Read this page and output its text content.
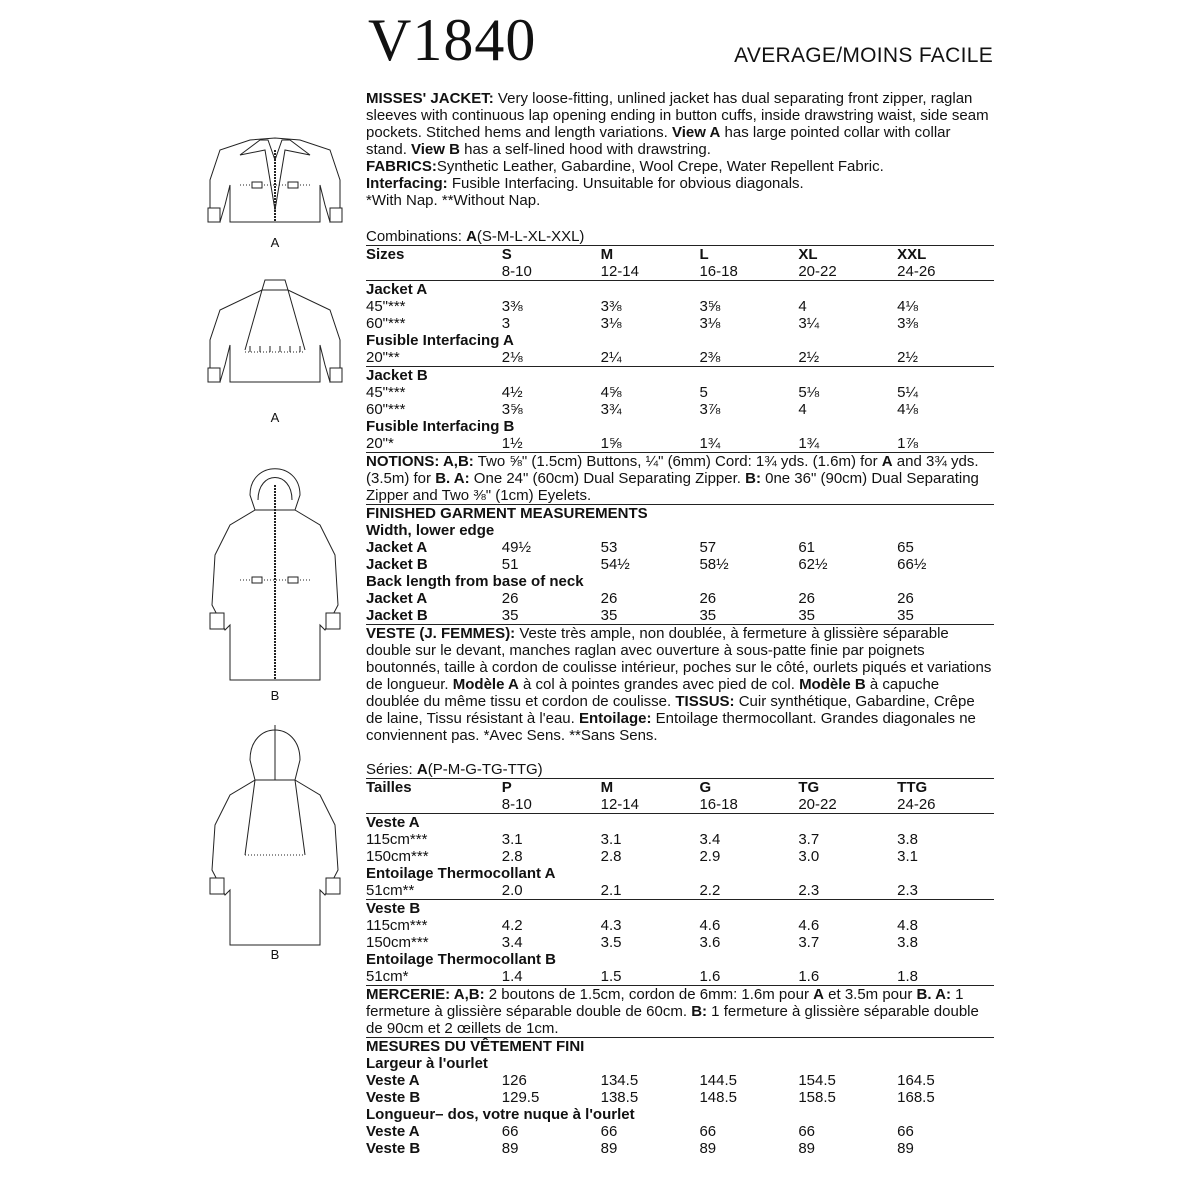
V1840	AVERAGE/MOINS FACILE
A
A
B
B

MISSES' JACKET: Very loose-fitting, unlined jacket has dual separating front zipper, raglan sleeves with continuous lap opening ending in button cuffs, inside drawstring waist, side seam pockets. Stitched hems and length variations. View A has large pointed collar with collar stand. View B has a self-lined hood with drawstring.

FABRICS:Synthetic Leather, Gabardine, Wool Crepe, Water Repellent Fabric.

Interfacing: Fusible Interfacing. Unsuitable for obvious diagonals.

*With Nap. **Without Nap.

Combinations: A(S-M-L-XL-XXL)

Sizes	S	M	L	XL	XXL
8-10	12-14	16-18	20-22	24-26
Jacket A
45"***	3⅜	3⅜	3⅝	4	4⅛
60"***	3	3⅛	3⅛	3¼	3⅜
Fusible Interfacing A
20"**	2⅛	2¼	2⅜	2½	2½
Jacket B
45"***	4½	4⅝	5	5⅛	5¼
60"***	3⅝	3¾	3⅞	4	4⅛
Fusible Interfacing B
20"*	1½	1⅝	1¾	1¾	1⅞

NOTIONS: A,B: Two ⅝" (1.5cm) Buttons, ¼" (6mm) Cord: 1¾ yds. (1.6m) for A and 3¾ yds. (3.5m) for B. A: One 24" (60cm) Dual Separating Zipper. B: 0ne 36" (90cm) Dual Separating Zipper and Two ⅜" (1cm) Eyelets.

FINISHED GARMENT MEASUREMENTS
Width, lower edge
Jacket A	49½	53	57	61	65
Jacket B	51	54½	58½	62½	66½
Back length from base of neck
Jacket A	26	26	26	26	26
Jacket B	35	35	35	35	35

VESTE (J. FEMMES): Veste très ample, non doublée, à fermeture à glissière séparable double sur le devant, manches raglan avec ouverture à sous-patte finie par poignets boutonnés, taille à cordon de coulisse intérieur, poches sur le côté, ourlets piqués et variations de longueur. Modèle A à col à pointes grandes avec pied de col. Modèle B à capuche doublée du même tissu et cordon de coulisse. TISSUS: Cuir synthétique, Gabardine, Crêpe de laine, Tissu résistant à l'eau. Entoilage: Entoilage thermocollant. Grandes diagonales ne conviennent pas. *Avec Sens. **Sans Sens.

Séries: A(P-M-G-TG-TTG)

Tailles	P	M	G	TG	TTG
8-10	12-14	16-18	20-22	24-26
Veste A
115cm***	3.1	3.1	3.4	3.7	3.8
150cm***	2.8	2.8	2.9	3.0	3.1
Entoilage Thermocollant A
51cm**	2.0	2.1	2.2	2.3	2.3
Veste B
115cm***	4.2	4.3	4.6	4.6	4.8
150cm***	3.4	3.5	3.6	3.7	3.8
Entoilage Thermocollant B
51cm*	1.4	1.5	1.6	1.6	1.8

MERCERIE: A,B: 2 boutons de 1.5cm, cordon de 6mm: 1.6m pour A et 3.5m pour B. A: 1 fermeture à glissière séparable double de 60cm. B: 1 fermeture à glissière séparable double de 90cm et 2 œillets de 1cm.

MESURES DU VÊTEMENT FINI
Largeur à l'ourlet
Veste A	126	134.5	144.5	154.5	164.5
Veste B	129.5	138.5	148.5	158.5	168.5
Longueur– dos, votre nuque à l'ourlet
Veste A	66	66	66	66	66
Veste B	89	89	89	89	89
